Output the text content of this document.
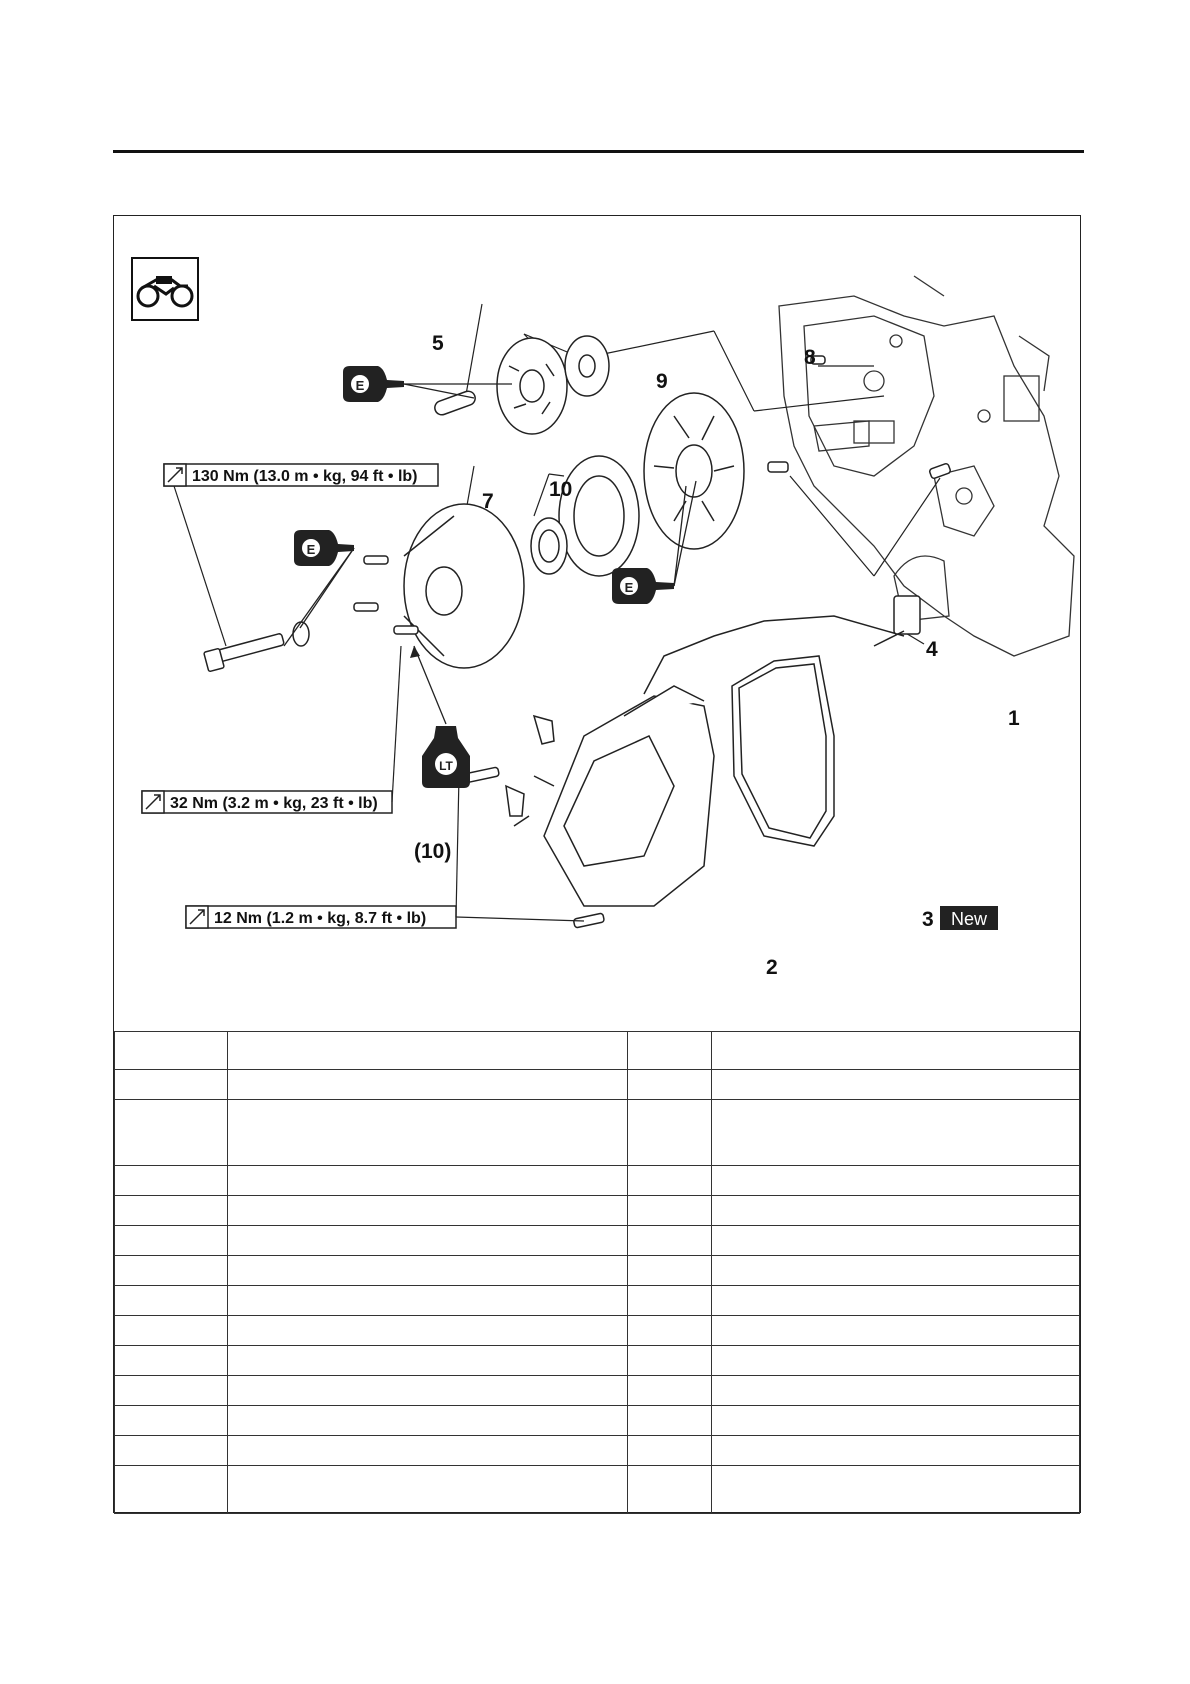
5
8
9
10
7
4
1
(10)
3
2
New
E
E
E
LT
130 Nm (13.0 m • kg, 94 ft • lb)
32 Nm (3.2 m • kg, 23 ft • lb)
12 Nm (1.2 m • kg, 8.7 ft • lb)
